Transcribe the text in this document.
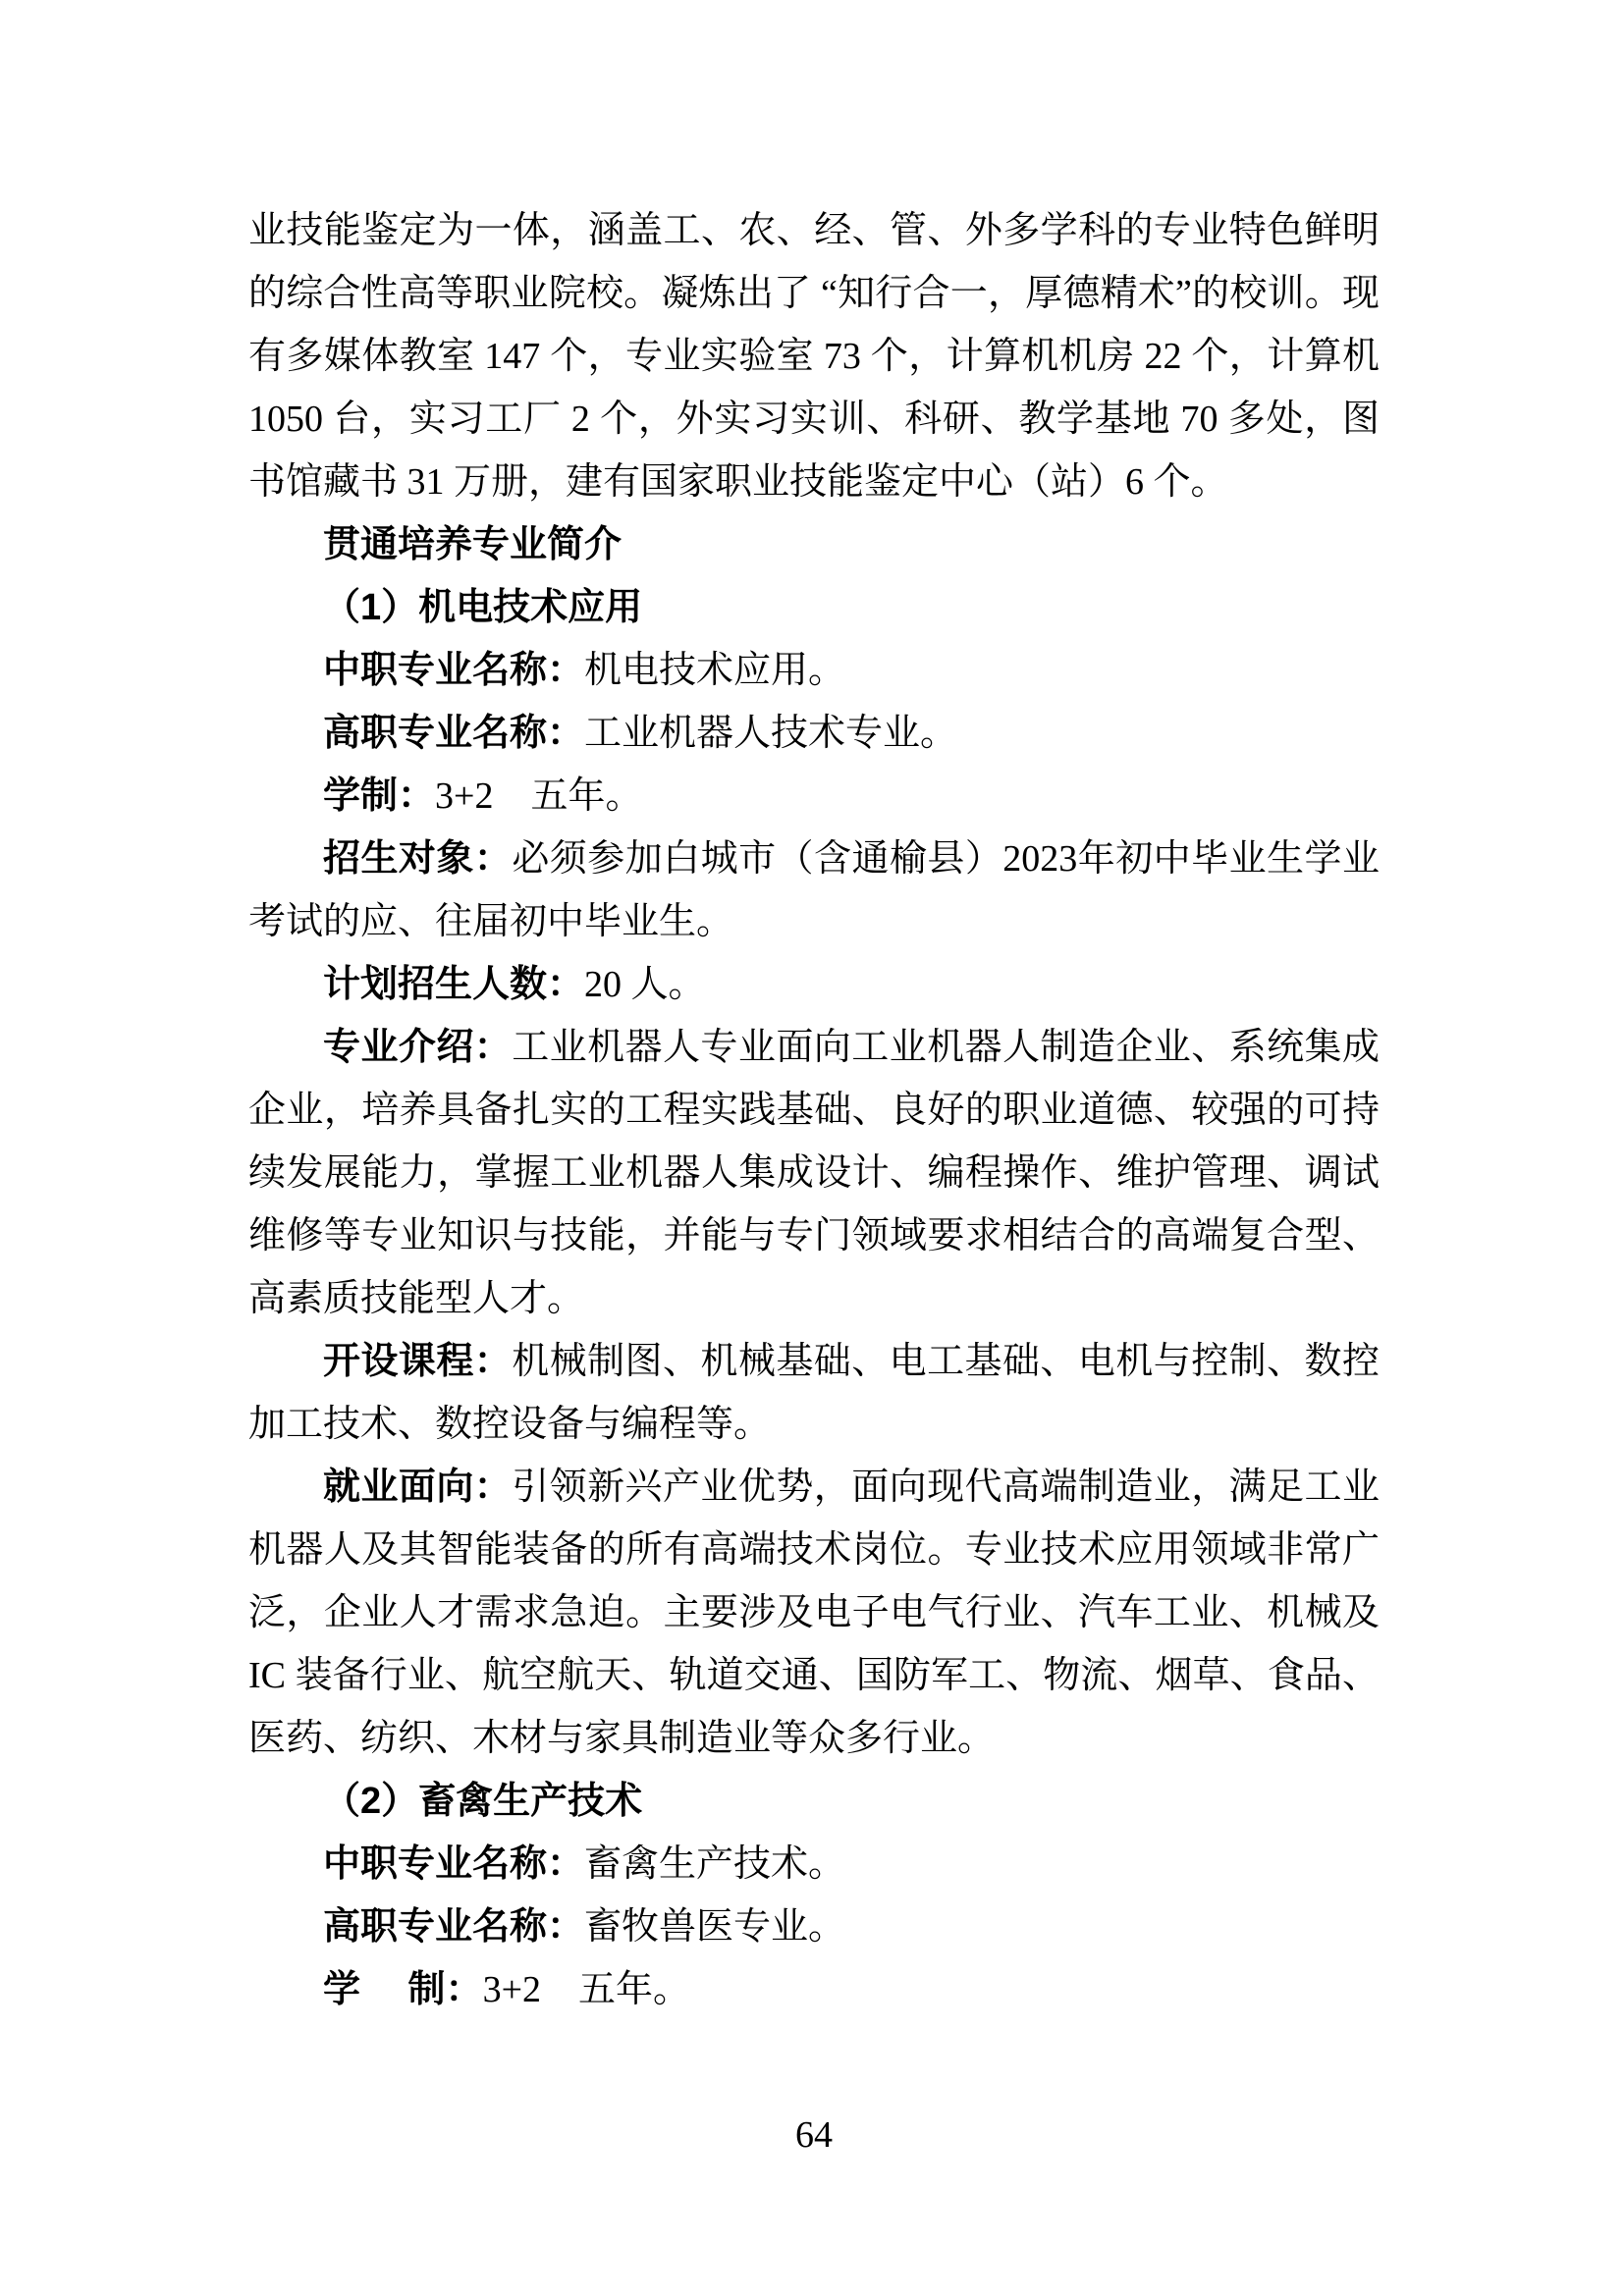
业技能鉴定为一体，涵盖工、农、经、管、外多学科的专业特色鲜明的综合性高等职业院校。凝炼出了 “知行合一，厚德精术”的校训。现有多媒体教室 147 个，专业实验室 73 个，计算机机房 22 个，计算机 1050 台，实习工厂 2 个，外实习实训、科研、教学基地 70 多处，图书馆藏书 31 万册，建有国家职业技能鉴定中心（站）6 个。

贯通培养专业简介

（1）机电技术应用

中职专业名称：机电技术应用。

高职专业名称：工业机器人技术专业。

学制：3+2　五年。

招生对象：必须参加白城市（含通榆县）2023年初中毕业生学业考试的应、往届初中毕业生。

计划招生人数：20 人。

专业介绍：工业机器人专业面向工业机器人制造企业、系统集成企业，培养具备扎实的工程实践基础、良好的职业道德、较强的可持续发展能力，掌握工业机器人集成设计、编程操作、维护管理、调试维修等专业知识与技能，并能与专门领域要求相结合的高端复合型、高素质技能型人才。

开设课程：机械制图、机械基础、电工基础、电机与控制、数控加工技术、数控设备与编程等。

就业面向：引领新兴产业优势，面向现代高端制造业，满足工业机器人及其智能装备的所有高端技术岗位。专业技术应用领域非常广泛，企业人才需求急迫。主要涉及电子电气行业、汽车工业、机械及 IC 装备行业、航空航天、轨道交通、国防军工、物流、烟草、食品、医药、纺织、木材与家具制造业等众多行业。

（2）畜禽生产技术

中职专业名称：畜禽生产技术。

高职专业名称：畜牧兽医专业。

学　 制：3+2　五年。

64
